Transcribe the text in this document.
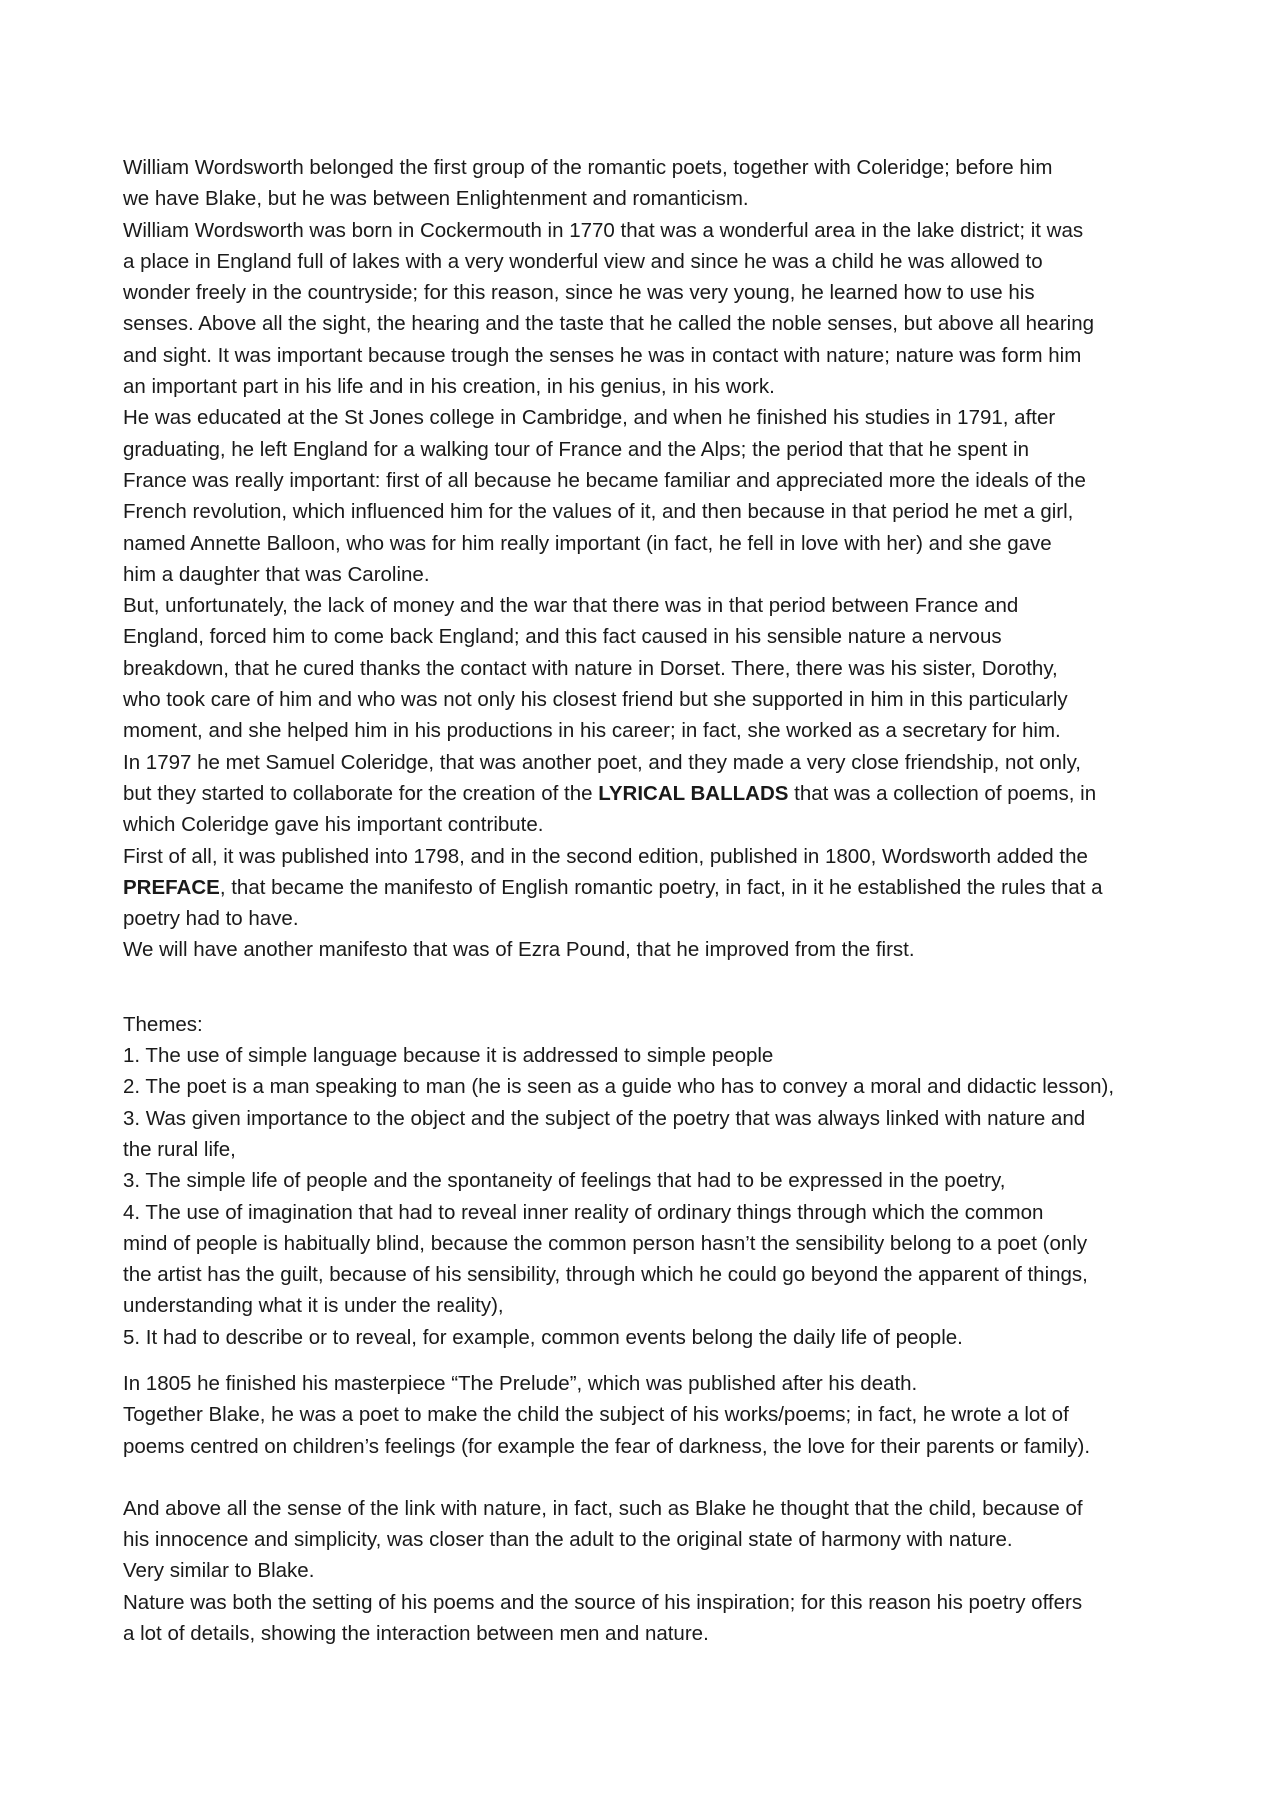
William Wordsworth belonged the first group of the romantic poets, together with Coleridge; before him
we have Blake, but he was between Enlightenment and romanticism.
William Wordsworth was born in Cockermouth in 1770 that was a wonderful area in the lake district; it was
a place in England full of lakes with a very wonderful view and since he was a child he was allowed to
wonder freely in the countryside; for this reason, since he was very young, he learned how to use his
senses. Above all the sight, the hearing and the taste that he called the noble senses, but above all hearing
and sight. It was important because trough the senses he was in contact with nature; nature was form him
an important part in his life and in his creation, in his genius, in his work.
He was educated at the St Jones college in Cambridge, and when he finished his studies in 1791, after
graduating, he left England for a walking tour of France and the Alps; the period that that he spent in
France was really important: first of all because he became familiar and appreciated more the ideals of the
French revolution, which influenced him for the values of it, and then because in that period he met a girl,
named Annette Balloon, who was for him really important (in fact, he fell in love with her) and she gave
him a daughter that was Caroline.
But, unfortunately, the lack of money and the war that there was in that period between France and
England, forced him to come back England; and this fact caused in his sensible nature a nervous
breakdown, that he cured thanks the contact with nature in Dorset. There, there was his sister, Dorothy,
who took care of him and who was not only his closest friend but she supported in him in this particularly
moment, and she helped him in his productions in his career; in fact, she worked as a secretary for him.
In 1797 he met Samuel Coleridge, that was another poet, and they made a very close friendship, not only,
but they started to collaborate for the creation of the LYRICAL BALLADS that was a collection of poems, in
which Coleridge gave his important contribute.
First of all, it was published into 1798, and in the second edition, published in 1800, Wordsworth added the
PREFACE, that became the manifesto of English romantic poetry, in fact, in it he established the rules that a
poetry had to have.
We will have another manifesto that was of Ezra Pound, that he improved from the first.
Themes:
1. The use of simple language because it is addressed to simple people
2. The poet is a man speaking to man (he is seen as a guide who has to convey a moral and didactic lesson),
3. Was given importance to the object and the subject of the poetry that was always linked with nature and
the rural life,
3. The simple life of people and the spontaneity of feelings that had to be expressed in the poetry,
4. The use of imagination that had to reveal inner reality of ordinary things through which the common
mind of people is habitually blind, because the common person hasn’t the sensibility belong to a poet (only
the artist has the guilt, because of his sensibility, through which he could go beyond the apparent of things,
understanding what it is under the reality),
5. It had to describe or to reveal, for example, common events belong the daily life of people.
In 1805 he finished his masterpiece “The Prelude”, which was published after his death.
Together Blake, he was a poet to make the child the subject of his works/poems; in fact, he wrote a lot of
poems centred on children’s feelings (for example the fear of darkness, the love for their parents or family).
And above all the sense of the link with nature, in fact, such as Blake he thought that the child, because of
his innocence and simplicity, was closer than the adult to the original state of harmony with nature.
Very similar to Blake.
Nature was both the setting of his poems and the source of his inspiration; for this reason his poetry offers
a lot of details, showing the interaction between men and nature.
